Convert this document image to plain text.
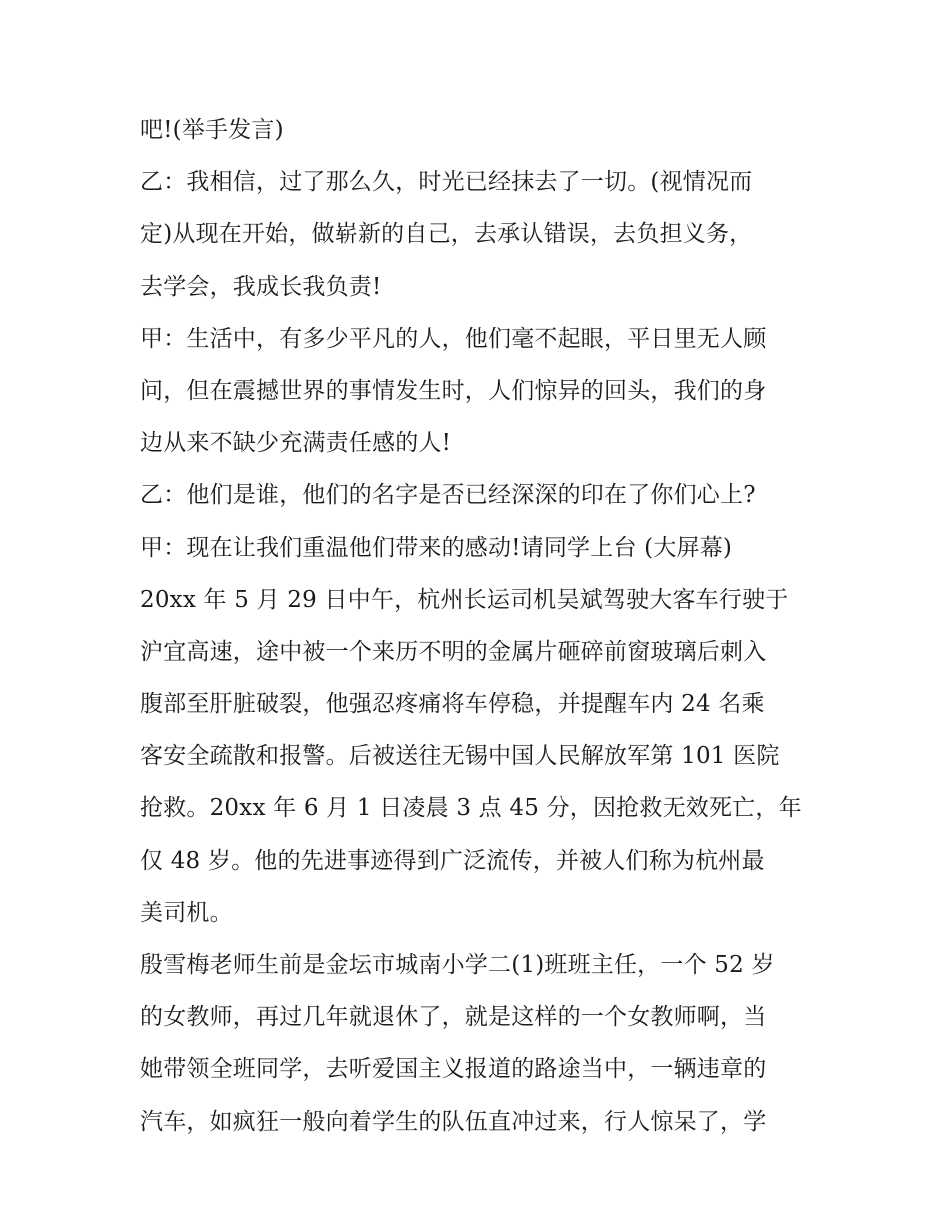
吧!(举手发言)
乙：我相信，过了那么久，时光已经抹去了一切。(视情况而
定)从现在开始，做崭新的自己，去承认错误，去负担义务，
去学会，我成长我负责!
甲：生活中，有多少平凡的人，他们毫不起眼，平日里无人顾
问，但在震撼世界的事情发生时，人们惊异的回头，我们的身
边从来不缺少充满责任感的人!
乙：他们是谁，他们的名字是否已经深深的印在了你们心上?
甲：现在让我们重温他们带来的感动!请同学上台 (大屏幕)
20xx 年 5 月 29 日中午，杭州长运司机吴斌驾驶大客车行驶于
沪宜高速，途中被一个来历不明的金属片砸碎前窗玻璃后刺入
腹部至肝脏破裂，他强忍疼痛将车停稳，并提醒车内 24 名乘
客安全疏散和报警。后被送往无锡中国人民解放军第 101 医院
抢救。20xx 年 6 月 1 日凌晨 3 点 45 分，因抢救无效死亡，年
仅 48 岁。他的先进事迹得到广泛流传，并被人们称为杭州最
美司机。
殷雪梅老师生前是金坛市城南小学二(1)班班主任，一个 52 岁
的女教师，再过几年就退休了，就是这样的一个女教师啊，当
她带领全班同学，去听爱国主义报道的路途当中，一辆违章的
汽车，如疯狂一般向着学生的队伍直冲过来，行人惊呆了，学
